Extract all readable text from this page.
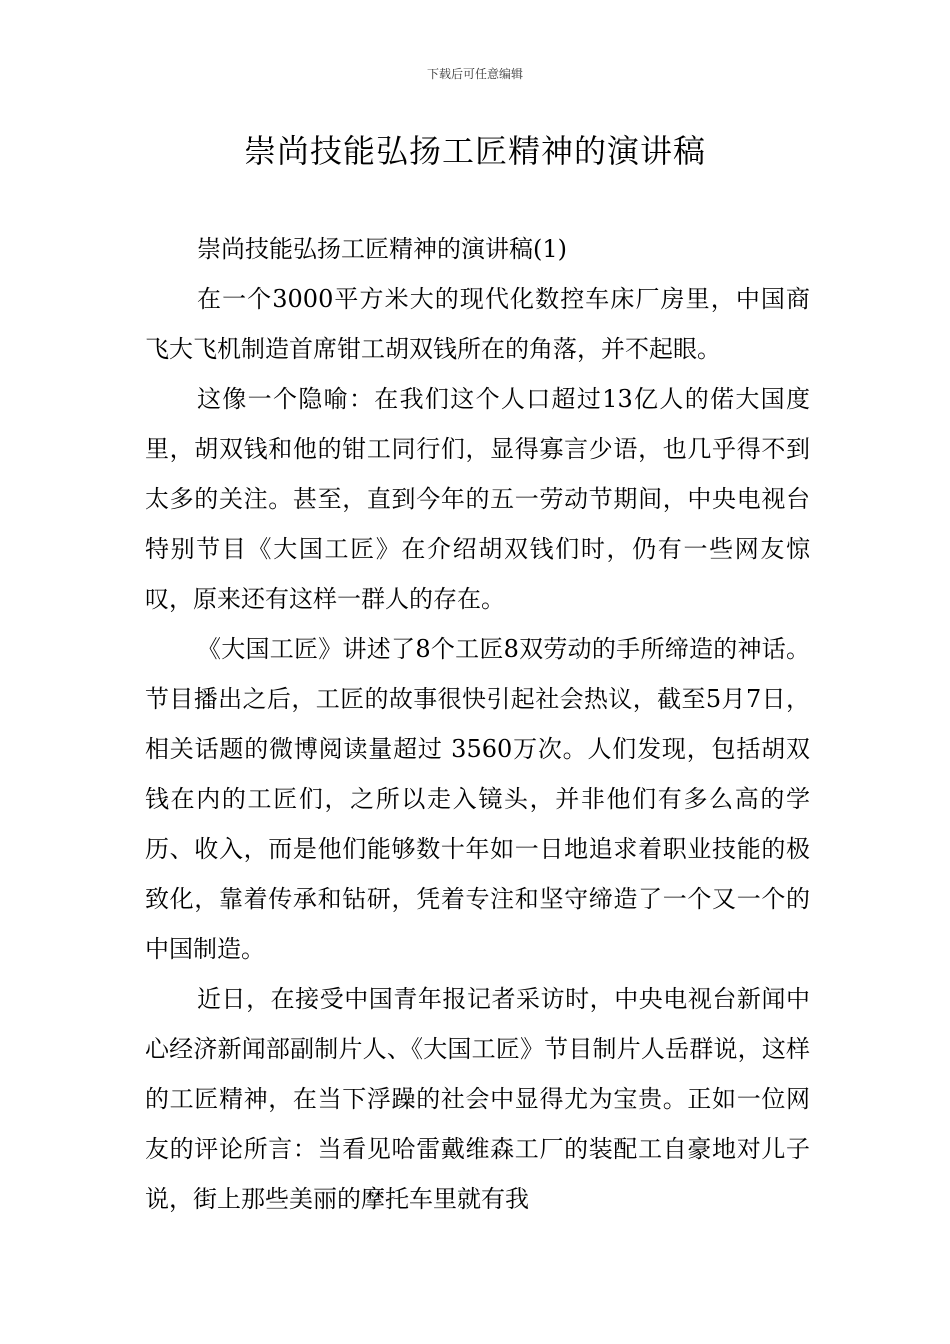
下载后可任意编辑
崇尚技能弘扬工匠精神的演讲稿

崇尚技能弘扬工匠精神的演讲稿(1)

在一个3000平方米大的现代化数控车床厂房里，中国商飞大飞机制造首席钳工胡双钱所在的角落，并不起眼。

这像一个隐喻：在我们这个人口超过13亿人的偌大国度里，胡双钱和他的钳工同行们，显得寡言少语，也几乎得不到太多的关注。甚至，直到今年的五一劳动节期间，中央电视台特别节目《大国工匠》在介绍胡双钱们时，仍有一些网友惊叹，原来还有这样一群人的存在。

《大国工匠》讲述了8个工匠8双劳动的手所缔造的神话。节目播出之后，工匠的故事很快引起社会热议，截至5月7日，相关话题的微博阅读量超过 3560万次。人们发现，包括胡双钱在内的工匠们，之所以走入镜头，并非他们有多么高的学历、收入，而是他们能够数十年如一日地追求着职业技能的极致化，靠着传承和钻研，凭着专注和坚守缔造了一个又一个的中国制造。

近日，在接受中国青年报记者采访时，中央电视台新闻中心经济新闻部副制片人、《大国工匠》节目制片人岳群说，这样的工匠精神，在当下浮躁的社会中显得尤为宝贵。正如一位网友的评论所言：当看见哈雷戴维森工厂的装配工自豪地对儿子说，街上那些美丽的摩托车里就有我
